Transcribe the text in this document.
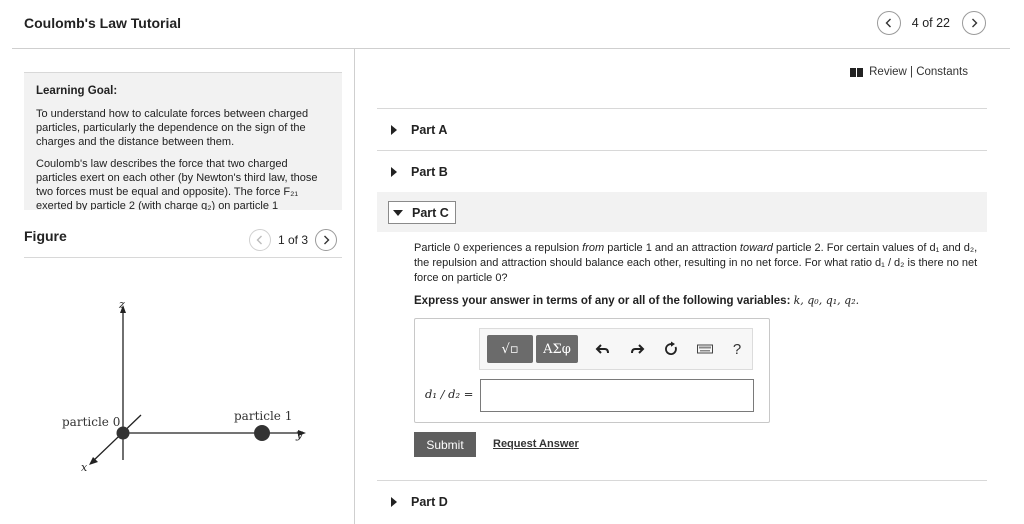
Coulomb's Law Tutorial	4 of 22
Learning Goal:

To understand how to calculate forces between charged particles, particularly the dependence on the sign of the charges and the distance between them.

Coulomb's law describes the force that two charged particles exert on each other (by Newton's third law, those two forces must be equal and opposite). The force F₂₁ exerted by particle 2 (with charge q₂) on particle 1

Figure	1 of 3
z
y
x
particle 0	particle 1
Review | Constants
Part A
Part B
Part C
Particle 0 experiences a repulsion from particle 1 and an attraction toward particle 2. For certain values of d₁ and d₂, the repulsion and attraction should balance each other, resulting in no net force. For what ratio d₁ / d₂ is there no net force on particle 0?
Express your answer in terms of any or all of the following variables: k, q₀, q₁, q₂.
√▫	ΑΣφ	?
d₁ / d₂ =
Submit	Request Answer
Part D
